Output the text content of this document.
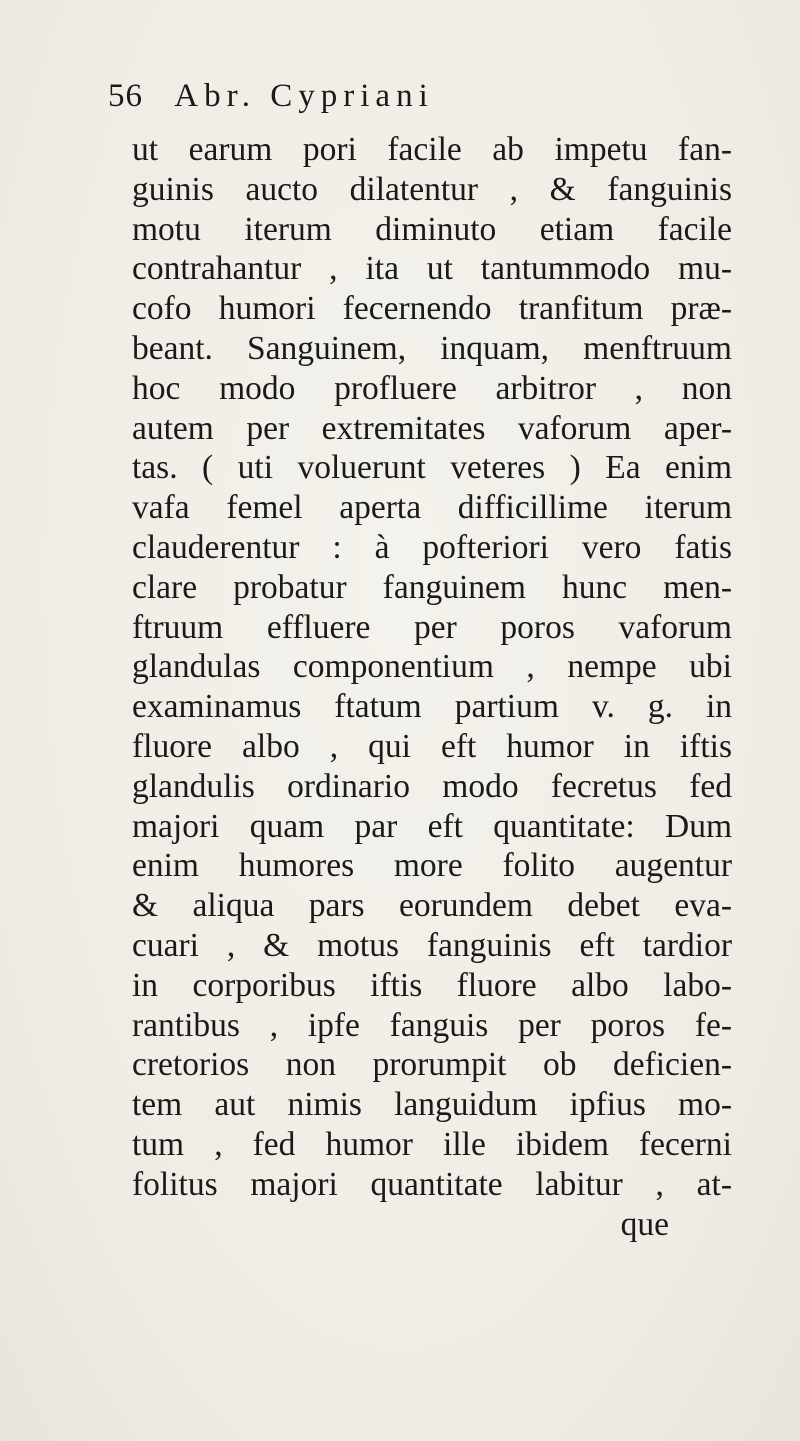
56 Abr. Cypriani
ut earum pori facile ab impetu fan-
guinis aucto dilatentur , & fanguinis
motu iterum diminuto etiam facile
contrahantur , ita ut tantummodo mu-
cofo humori fecernendo tranfitum præ-
beant. Sanguinem, inquam, menftruum
hoc modo profluere arbitror , non
autem per extremitates vaforum aper-
tas. ( uti voluerunt veteres ) Ea enim
vafa femel aperta difficillime iterum
clauderentur : à pofteriori vero fatis
clare probatur fanguinem hunc men-
ftruum effluere per poros vaforum
glandulas componentium , nempe ubi
examinamus ftatum partium v. g. in
fluore albo , qui eft humor in iftis
glandulis ordinario modo fecretus fed
majori quam par eft quantitate: Dum
enim humores more folito augentur
& aliqua pars eorundem debet eva-
cuari , & motus fanguinis eft tardior
in corporibus iftis fluore albo labo-
rantibus , ipfe fanguis per poros fe-
cretorios non prorumpit ob deficien-
tem aut nimis languidum ipfius mo-
tum , fed humor ille ibidem fecerni
folitus majori quantitate labitur , at-
que
